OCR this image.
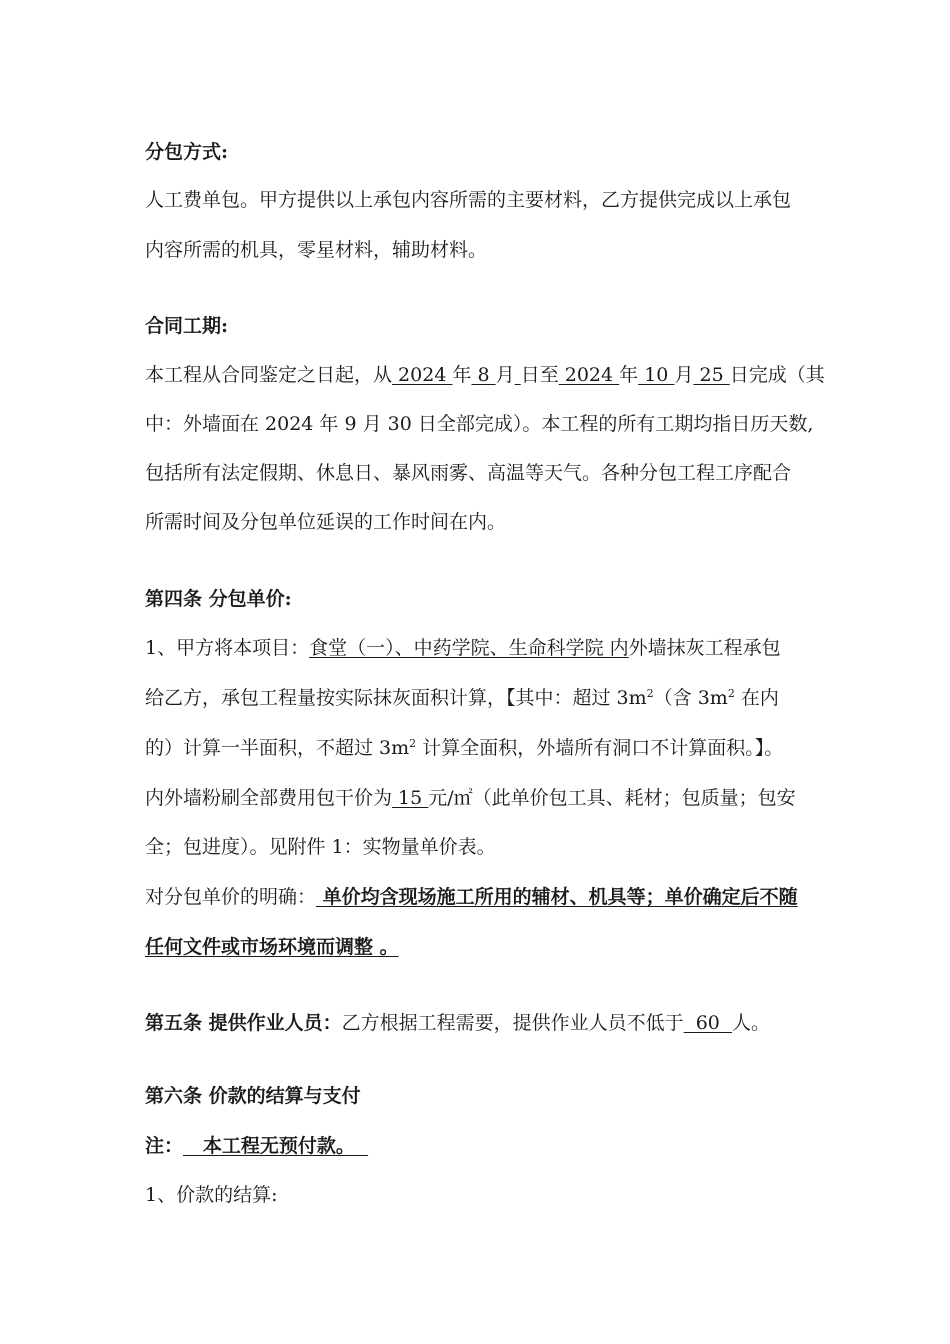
分包方式:
人工费单包。甲方提供以上承包内容所需的主要材料，乙方提供完成以上承包
内容所需的机具，零星材料，辅助材料。
合同工期:
本工程从合同鉴定之日起，从 2024 年 8 月 日至 2024 年 10 月 25 日完成（其
中：外墙面在 2024 年 9 月 30 日全部完成）。本工程的所有工期均指日历天数,
包括所有法定假期、休息日、暴风雨雾、高温等天气。各种分包工程工序配合
所需时间及分包单位延误的工作时间在内。
第四条 分包单价:
1、甲方将本项目：食堂（一）、中药学院、生命科学院 内外墙抹灰工程承包
给乙方，承包工程量按实际抹灰面积计算，【其中：超过 $3m^2$（含 $3m^2$ 在内
的）计算一半面积，不超过 $3m^2$ 计算全面积，外墙所有洞口不计算面积。】。
内外墙粉刷全部费用包干价为 15 元/㎡（此单价包工具、耗材；包质量；包安
全；包进度）。见附件 1：实物量单价表。
对分包单价的明确： 单价均含现场施工所用的辅材、机具等；单价确定后不随
任何文件或市场环境而调整 。
第五条 提供作业人员：乙方根据工程需要，提供作业人员不低于  60  人。
第六条 价款的结算与支付
注：   本工程无预付款。
1、价款的结算:
